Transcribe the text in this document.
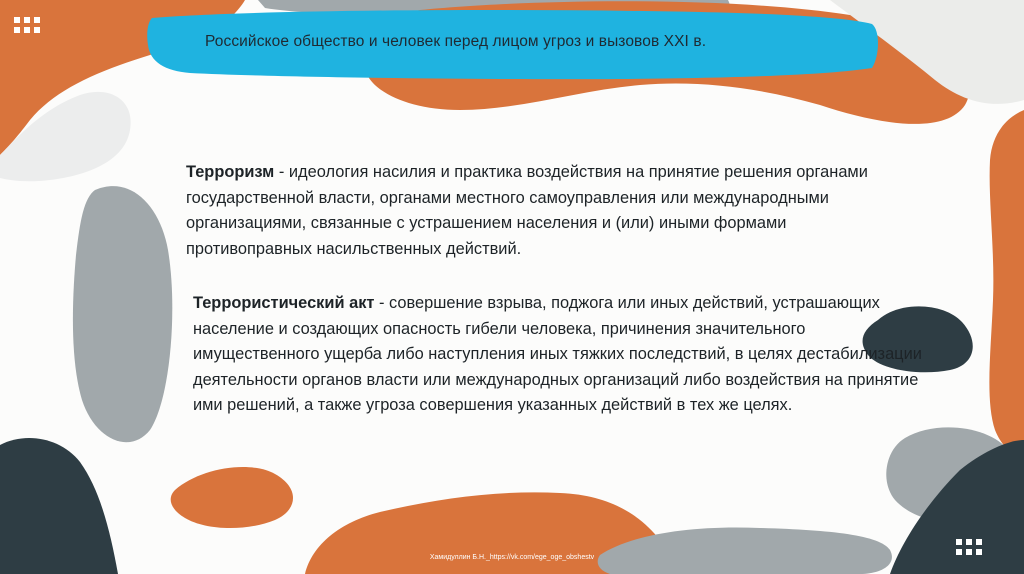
Российское общество и человек перед лицом угроз и вызовов XXI в.
Терроризм - идеология насилия и практика воздействия на принятие решения органами государственной власти, органами местного самоуправления или международными организациями, связанные с устрашением населения и (или) иными формами противоправных насильственных действий.
Террористический акт - совершение взрыва, поджога или иных действий, устрашающих население и создающих опасность гибели человека, причинения значительного имущественного ущерба либо наступления иных тяжких последствий, в целях дестабилизации деятельности органов власти или международных организаций либо воздействия на принятие ими решений, а также угроза совершения указанных действий в тех же целях.
Хамидуллин Б.Н._https://vk.com/ege_oge_obshestv
